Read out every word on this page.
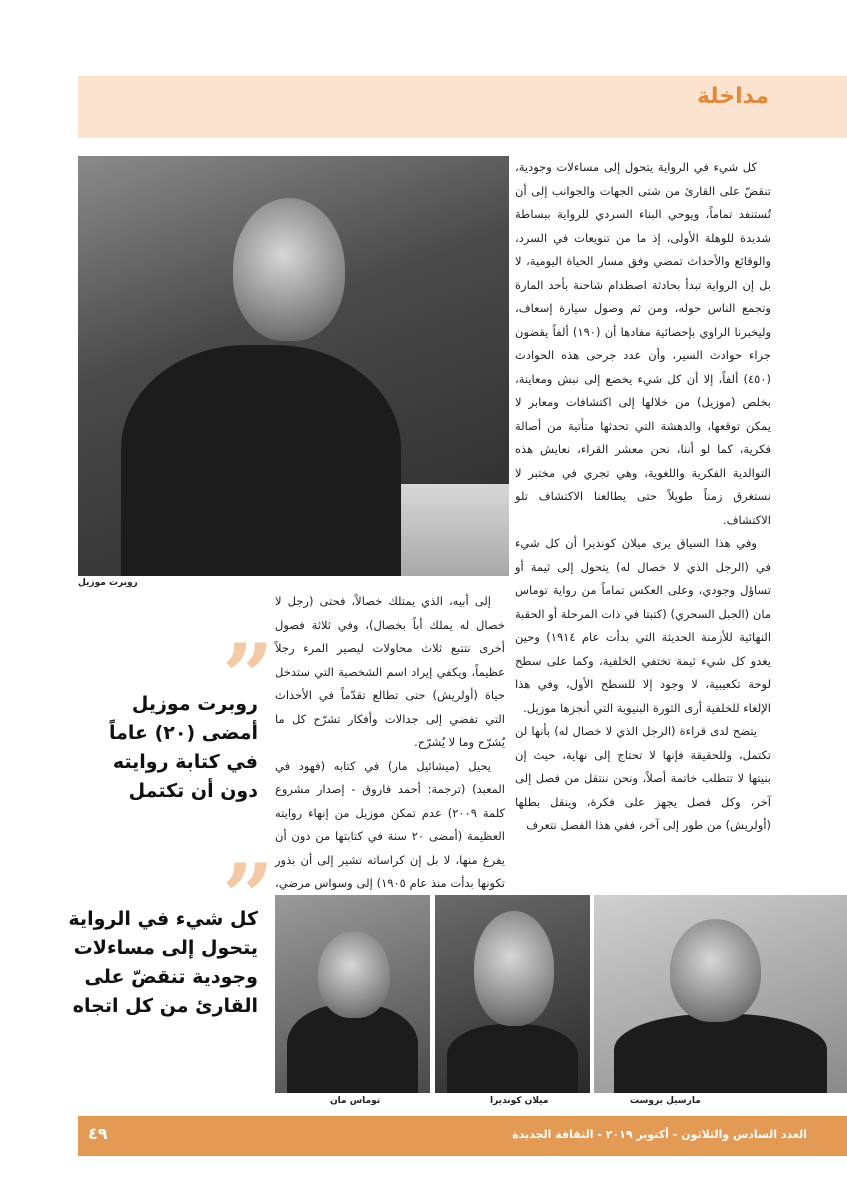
مداخلة
روبرت موزيل

كل شيء في الرواية يتحول إلى مساءلات وجودية، تنقضّ على القارئ من شتى الجهات والجوانب إلى أن تُستنفد تماماً، ويوحي البناء السردي للرواية ببساطة شديدة للوهلة الأولى، إذ ما من تنويعات في السرد، والوقائع والأحداث تمضي وفق مسار الحياة اليومية، لا بل إن الرواية تبدأ بحادثة اصطدام شاحنة بأحد المارة وتجمع الناس حوله، ومن ثم وصول سيارة إسعاف، وليخبرنا الراوي بإحصائية مفادها أن (١٩٠) ألفاً يقضون جراء حوادث السير، وأن عدد جرحى هذه الحوادث (٤٥٠) ألفاً، إلا أن كل شيء يخضع إلى نبش ومعاينة، بخلص (موزيل) من خلالها إلى اكتشافات ومعابر لا يمكن توقعها، والدهشة التي تحدثها متأتية من أصالة فكرية، كما لو أننا، نحن معشر القراء، نعايش هذه التوالدية الفكرية واللغوية، وهي تجري في مختبر لا نستغرق زمناً طويلاً حتى يطالعنا الاكتشاف تلو الاكتشاف.

وفي هذا السياق يرى ميلان كونديرا أن كل شيء في (الرجل الذي لا خصال له) يتحول إلى ثيمة أو تساؤل وجودي، وعلى العكس تماماً من رواية توماس مان (الجبل السحري) (كتبتا في ذات المرحلة أو الحقبة النهائية للأزمنة الحديثة التي بدأت عام ١٩١٤) وحين يغدو كل شيء ثيمة تختفي الخلفية، وكما على سطح لوحة تكعيبية، لا وجود إلا للسطح الأول، وفي هذا الإلغاء للخلفية أرى الثورة البنيوية التي أنجزها موزيل.

يتضح لدى قراءة (الرجل الذي لا خصال له) بأنها لن تكتمل، وللحقيقة فإنها لا تحتاج إلى نهاية، حيث إن بنيتها لا تتطلب خاتمة أصلاً، ونحن ننتقل من فصل إلى آخر، وكل فصل يجهز على فكرة، وينقل بطلها (أولريش) من طور إلى آخر، ففي هذا الفصل نتعرف

إلى أبيه، الذي يمتلك خصالاً، فحتى (رجل لا خصال له يملك أباً بخصال)، وفي ثلاثة فصول أخرى نتتبع ثلاث محاولات ليصير المرء رجلاً عظيماً، ويكفي إيراد اسم الشخصية التي ستدخل حياة (أولريش) حتى تطالع تقدّماً في الأحداث التي تفضي إلى جدالات وأفكار تشرّح كل ما يُشرّح وما لا يُشرّح.

يحيل (ميشائيل مار) في كتابه (فهود في المعبد) (ترجمة: أحمد فاروق - إصدار مشروع كلمة ٢٠٠٩) عدم تمكن موزيل من إنهاء روايته العظيمة (أمضى ٢٠ سنة في كتابتها من دون أن يفرغ منها، لا بل إن كراساته تشير إلى أن بذور تكونها بدأت منذ عام ١٩٠٥) إلى وسواس مرضي،

”
روبرت موزيل أمضى (٢٠) عاماً في كتابة روايته دون أن تكتمل
”
كل شيء في الرواية يتحول إلى مساءلات وجودية تنقضّ على القارئ من كل اتجاه
مارسيل بروست
ميلان كونديرا
توماس مان
العدد السادس والثلاثون - أكتوبر ٢٠١٩ - الثقافة الجديدة
٤٩
